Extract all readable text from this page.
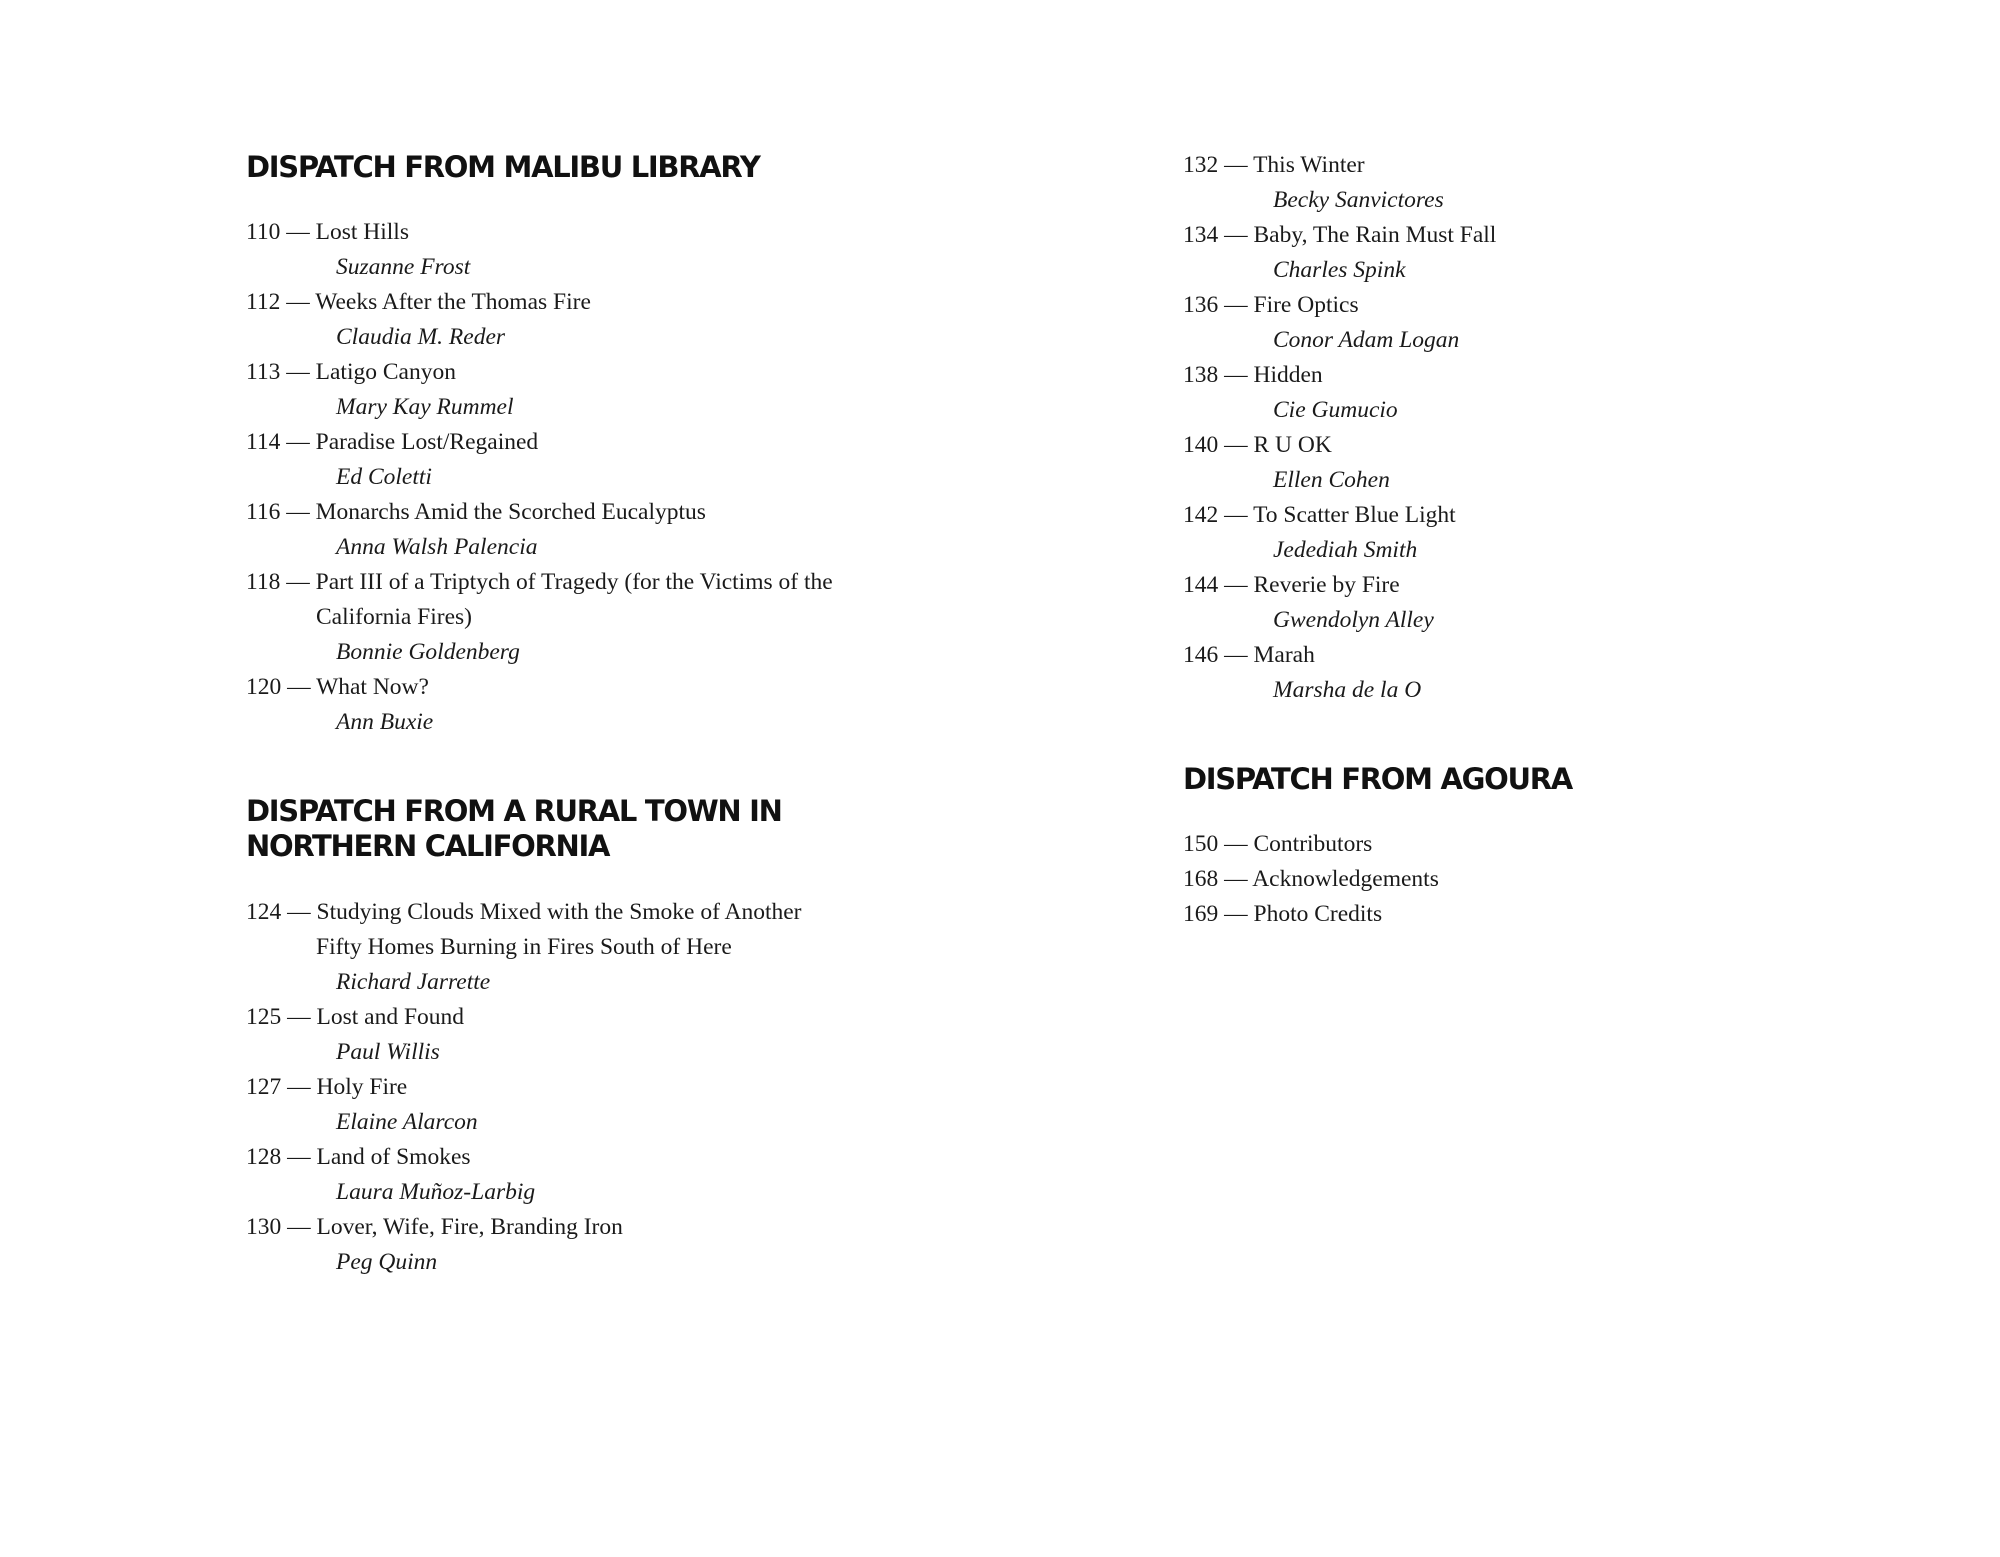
DISPATCH FROM MALIBU LIBRARY
110 — Lost Hills
Suzanne Frost
112 — Weeks After the Thomas Fire
Claudia M. Reder
113 — Latigo Canyon
Mary Kay Rummel
114 — Paradise Lost/Regained
Ed Coletti
116 — Monarchs Amid the Scorched Eucalyptus
Anna Walsh Palencia
118 — Part III of a Triptych of Tragedy (for the Victims of the
California Fires)
Bonnie Goldenberg
120 — What Now?
Ann Buxie
DISPATCH FROM A RURAL TOWN IN
NORTHERN CALIFORNIA
124 — Studying Clouds Mixed with the Smoke of Another
Fifty Homes Burning in Fires South of Here
Richard Jarrette
125 — Lost and Found
Paul Willis
127 — Holy Fire
Elaine Alarcon
128 — Land of Smokes
Laura Muñoz-Larbig
130 — Lover, Wife, Fire, Branding Iron
Peg Quinn
132 — This Winter
Becky Sanvictores
134 — Baby, The Rain Must Fall
Charles Spink
136 — Fire Optics
Conor Adam Logan
138 — Hidden
Cie Gumucio
140 — R U OK
Ellen Cohen
142 — To Scatter Blue Light
Jedediah Smith
144 — Reverie by Fire
Gwendolyn Alley
146 — Marah
Marsha de la O
DISPATCH FROM AGOURA
150 — Contributors
168 — Acknowledgements
169 — Photo Credits
